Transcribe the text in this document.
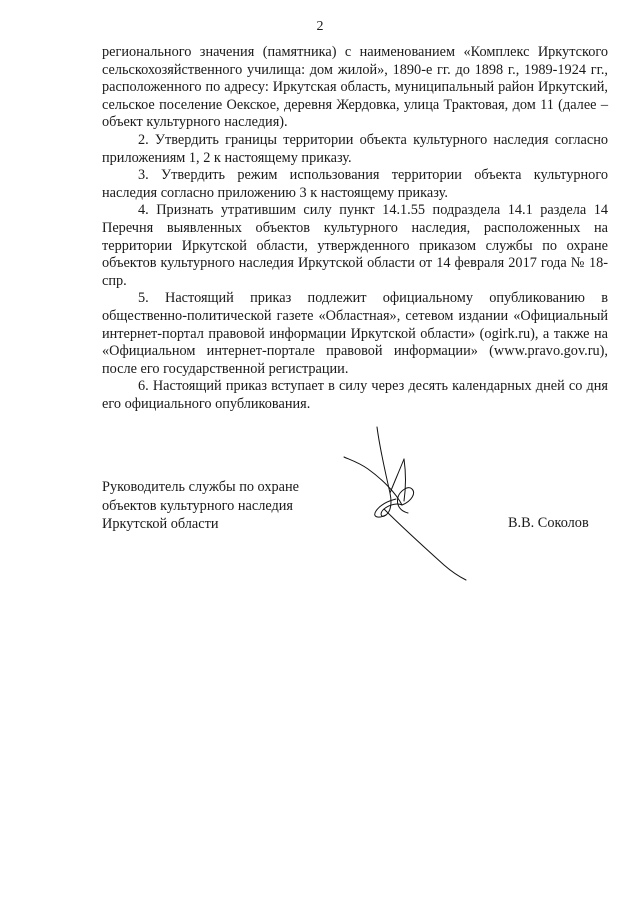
2

регионального значения (памятника) с наименованием «Комплекс Иркутского сельскохозяйственного училища: дом жилой», 1890-е гг. до 1898 г., 1989-1924 гг., расположенного по адресу: Иркутская область, муниципальный район Иркутский, сельское поселение Оекское, деревня Жердовка, улица Трактовая, дом 11 (далее – объект культурного наследия).

2. Утвердить границы территории объекта культурного наследия согласно приложениям 1, 2 к настоящему приказу.

3. Утвердить режим использования территории объекта культурного наследия согласно приложению 3 к настоящему приказу.

4. Признать утратившим силу пункт 14.1.55 подраздела 14.1 раздела 14 Перечня выявленных объектов культурного наследия, расположенных на территории Иркутской области, утвержденного приказом службы по охране объектов культурного наследия Иркутской области от 14 февраля 2017 года № 18-спр.

5. Настоящий приказ подлежит официальному опубликованию в общественно-политической газете «Областная», сетевом издании «Официальный интернет-портал правовой информации Иркутской области» (ogirk.ru), а также на «Официальном интернет-портале правовой информации» (www.pravo.gov.ru), после его государственной регистрации.

6. Настоящий приказ вступает в силу через десять календарных дней со дня его официального опубликования.

Руководитель службы по охране
объектов культурного наследия
Иркутской области	В.В. Соколов
